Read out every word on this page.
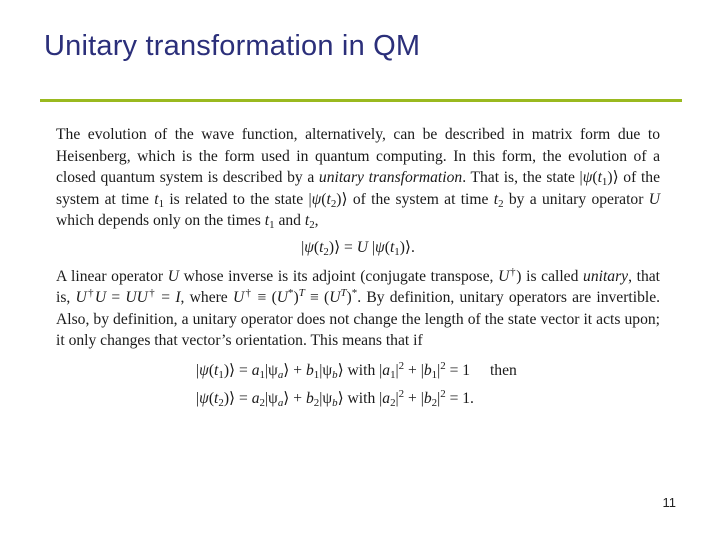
Unitary transformation in QM

The evolution of the wave function, alternatively, can be described in matrix form due to Heisenberg, which is the form used in quantum computing. In this form, the evolution of a closed quantum system is described by a unitary transformation. That is, the state $|\psi(t_1)⟩$ of the system at time $t_1$ is related to the state $|\psi(t_2)⟩$ of the system at time $t_2$ by a unitary operator U which depends only on the times $t_1$ and $t_2$,

$|\psi(t_2)⟩ = U$ $|\psi(t_1)⟩$.

A linear operator U whose inverse is its adjoint (conjugate transpose, U†) is called unitary, that is, U†U = UU† = I, where $U^\dagger \equiv (U^*)^T \equiv (U^T)^*$. By definition, unitary operators are invertible. Also, by definition, a unitary operator does not change the length of the state vector it acts upon; it only changes that vector’s orientation. This means that if

$|\psi(t_1)⟩$ = $a_1|\psi_a⟩$ + $b_1|\psi_b⟩$ with $|a_1|^2 + |b_1|^2 = 1$ then
$|\psi(t_2)⟩$ = $a_2|\psi_a⟩$ + $b_2|\psi_b⟩$ with $|a_2|^2 + |b_2|^2 = 1$.
11
